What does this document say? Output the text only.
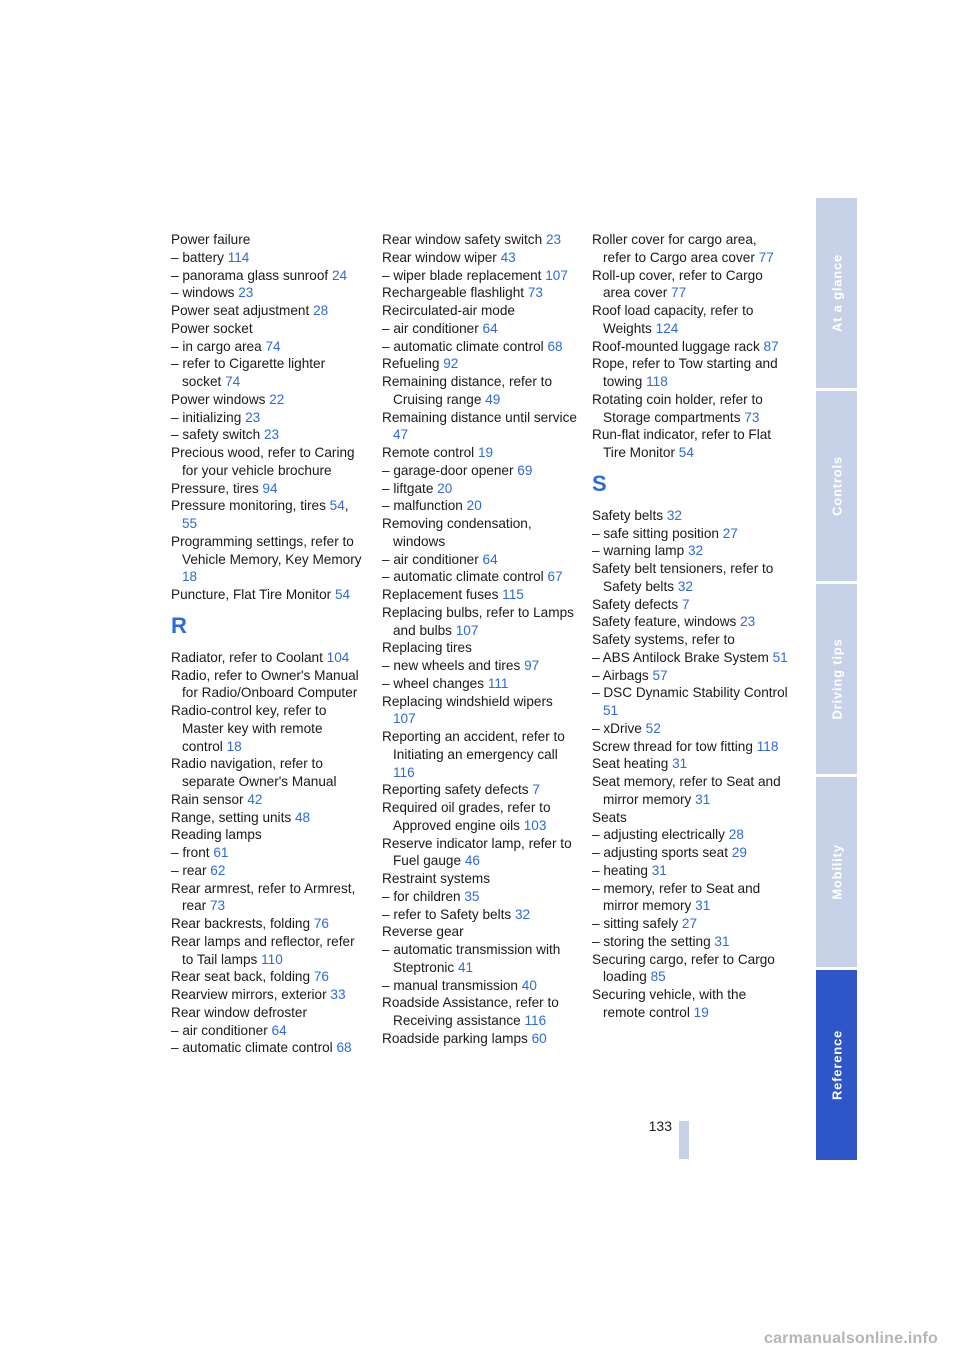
Power failure
– battery 114
– panorama glass sunroof 24
– windows 23
Power seat adjustment 28
Power socket
– in cargo area 74
– refer to Cigarette lighter socket 74
Power windows 22
– initializing 23
– safety switch 23
Precious wood, refer to Caring for your vehicle brochure
Pressure, tires 94
Pressure monitoring, tires 54, 55
Programming settings, refer to Vehicle Memory, Key Memory 18
Puncture, Flat Tire Monitor 54
R
Radiator, refer to Coolant 104
Radio, refer to Owner's Manual for Radio/Onboard Computer
Radio-control key, refer to Master key with remote control 18
Radio navigation, refer to separate Owner's Manual
Rain sensor 42
Range, setting units 48
Reading lamps
– front 61
– rear 62
Rear armrest, refer to Armrest, rear 73
Rear backrests, folding 76
Rear lamps and reflector, refer to Tail lamps 110
Rear seat back, folding 76
Rearview mirrors, exterior 33
Rear window defroster
– air conditioner 64
– automatic climate control 68
Rear window safety switch 23
Rear window wiper 43
– wiper blade replacement 107
Rechargeable flashlight 73
Recirculated-air mode
– air conditioner 64
– automatic climate control 68
Refueling 92
Remaining distance, refer to Cruising range 49
Remaining distance until service 47
Remote control 19
– garage-door opener 69
– liftgate 20
– malfunction 20
Removing condensation, windows
– air conditioner 64
– automatic climate control 67
Replacement fuses 115
Replacing bulbs, refer to Lamps and bulbs 107
Replacing tires
– new wheels and tires 97
– wheel changes 111
Replacing windshield wipers 107
Reporting an accident, refer to Initiating an emergency call 116
Reporting safety defects 7
Required oil grades, refer to Approved engine oils 103
Reserve indicator lamp, refer to Fuel gauge 46
Restraint systems
– for children 35
– refer to Safety belts 32
Reverse gear
– automatic transmission with Steptronic 41
– manual transmission 40
Roadside Assistance, refer to Receiving assistance 116
Roadside parking lamps 60
Roller cover for cargo area, refer to Cargo area cover 77
Roll-up cover, refer to Cargo area cover 77
Roof load capacity, refer to Weights 124
Roof-mounted luggage rack 87
Rope, refer to Tow starting and towing 118
Rotating coin holder, refer to Storage compartments 73
Run-flat indicator, refer to Flat Tire Monitor 54
S
Safety belts 32
– safe sitting position 27
– warning lamp 32
Safety belt tensioners, refer to Safety belts 32
Safety defects 7
Safety feature, windows 23
Safety systems, refer to
– ABS Antilock Brake System 51
– Airbags 57
– DSC Dynamic Stability Control 51
– xDrive 52
Screw thread for tow fitting 118
Seat heating 31
Seat memory, refer to Seat and mirror memory 31
Seats
– adjusting electrically 28
– adjusting sports seat 29
– heating 31
– memory, refer to Seat and mirror memory 31
– sitting safely 27
– storing the setting 31
Securing cargo, refer to Cargo loading 85
Securing vehicle, with the remote control 19
At a glance
Controls
Driving tips
Mobility
Reference
133
carmanualsonline.info
